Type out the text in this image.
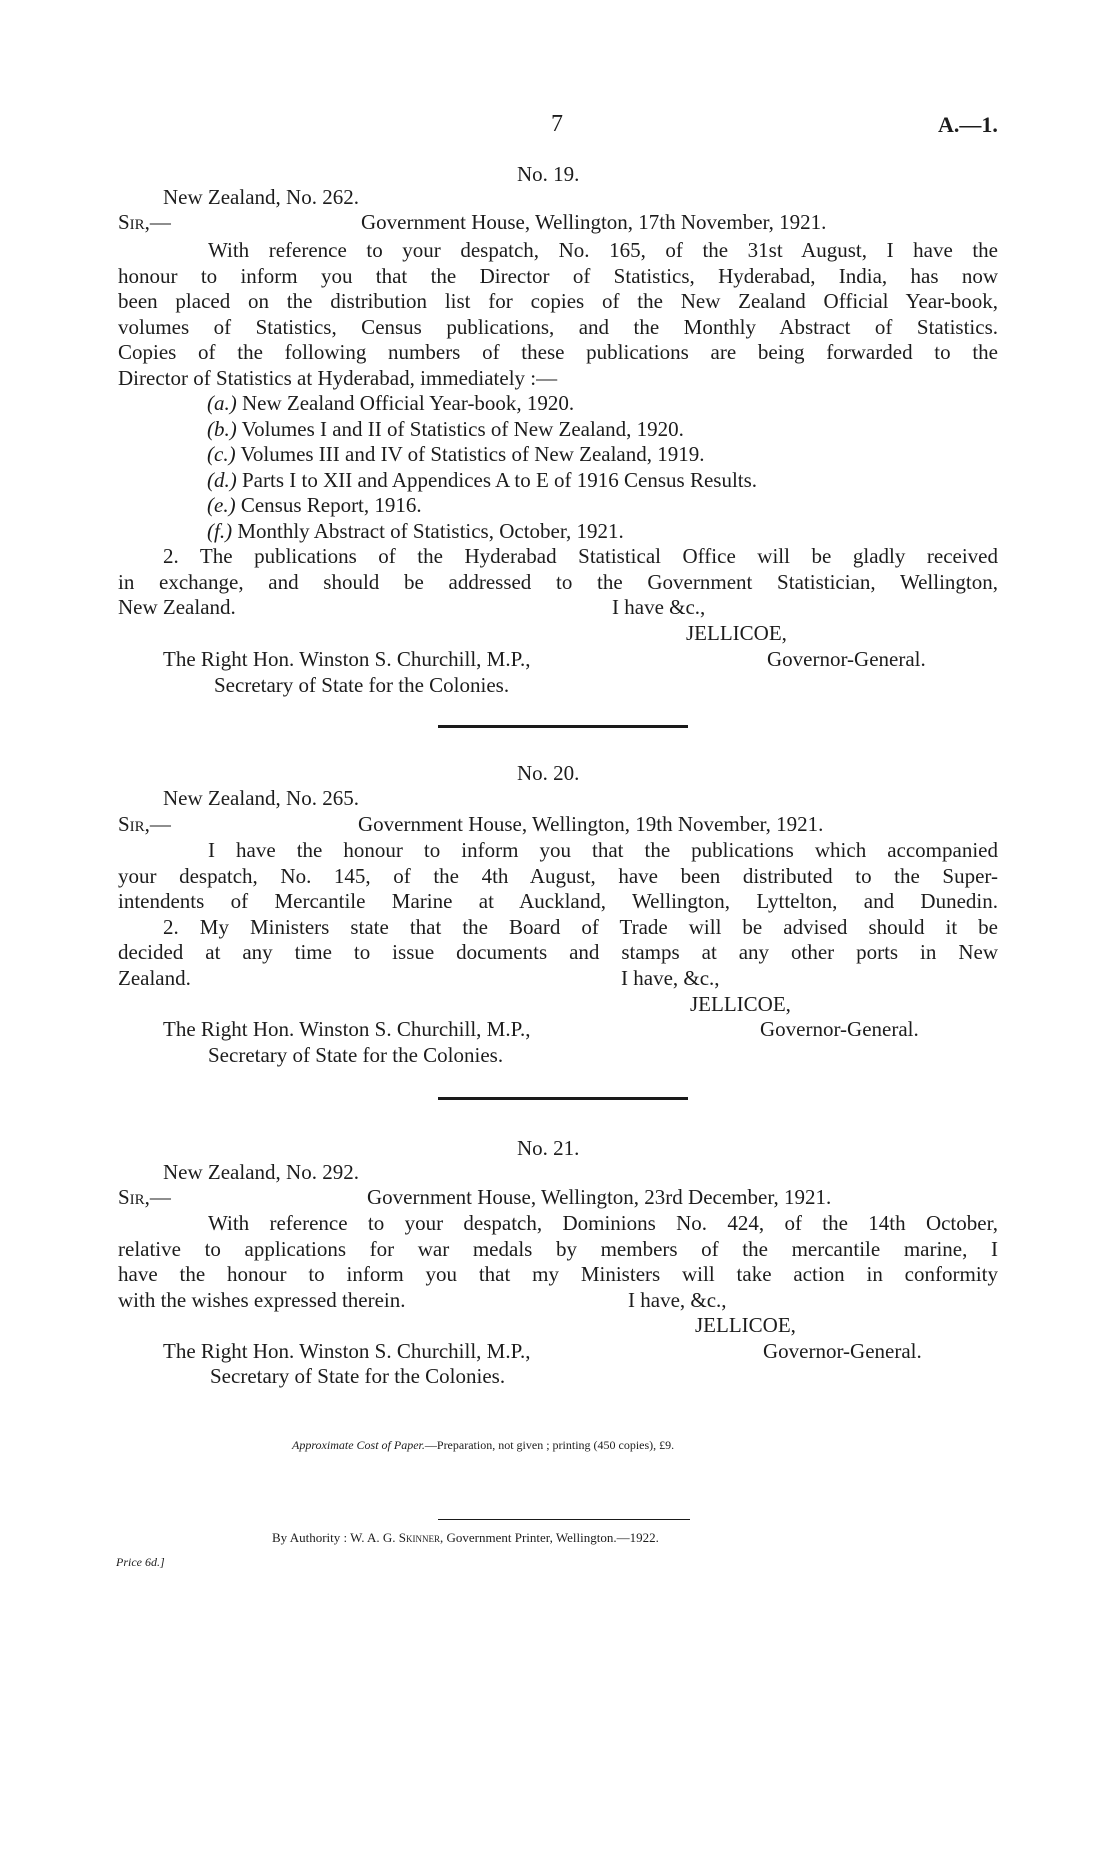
7	A.—1.
No. 19.
New Zealand, No. 262.
Sir,—	Government House, Wellington, 17th November, 1921.
With reference to your despatch, No. 165, of the 31st August, I have the
honour to inform you that the Director of Statistics, Hyderabad, India, has now
been placed on the distribution list for copies of the New Zealand Official Year-book,
volumes of Statistics, Census publications, and the Monthly Abstract of Statistics.
Copies of the following numbers of these publications are being forwarded to the
Director of Statistics at Hyderabad, immediately :—
(a.) New Zealand Official Year-book, 1920.
(b.) Volumes I and II of Statistics of New Zealand, 1920.
(c.) Volumes III and IV of Statistics of New Zealand, 1919.
(d.) Parts I to XII and Appendices A to E of 1916 Census Results.
(e.) Census Report, 1916.
(f.) Monthly Abstract of Statistics, October, 1921.
2. The publications of the Hyderabad Statistical Office will be gladly received
in exchange, and should be addressed to the Government Statistician, Wellington,
New Zealand.	I have &c.,
JELLICOE,
The Right Hon. Winston S. Churchill, M.P.,	Governor-General.
Secretary of State for the Colonies.
No. 20.
New Zealand, No. 265.
Sir,—	Government House, Wellington, 19th November, 1921.
I have the honour to inform you that the publications which accompanied
your despatch, No. 145, of the 4th August, have been distributed to the Super-
intendents of Mercantile Marine at Auckland, Wellington, Lyttelton, and Dunedin.
2. My Ministers state that the Board of Trade will be advised should it be
decided at any time to issue documents and stamps at any other ports in New
Zealand.	I have, &c.,
JELLICOE,
The Right Hon. Winston S. Churchill, M.P.,	Governor-General.
Secretary of State for the Colonies.
No. 21.
New Zealand, No. 292.
Sir,—	Government House, Wellington, 23rd December, 1921.
With reference to your despatch, Dominions No. 424, of the 14th October,
relative to applications for war medals by members of the mercantile marine, I
have the honour to inform you that my Ministers will take action in conformity
with the wishes expressed therein.	I have, &c.,
JELLICOE,
The Right Hon. Winston S. Churchill, M.P.,	Governor-General.
Secretary of State for the Colonies.
Approximate Cost of Paper.—Preparation, not given ; printing (450 copies), £9.
By Authority : W. A. G. Skinner, Government Printer, Wellington.—1922.
Price 6d.]
